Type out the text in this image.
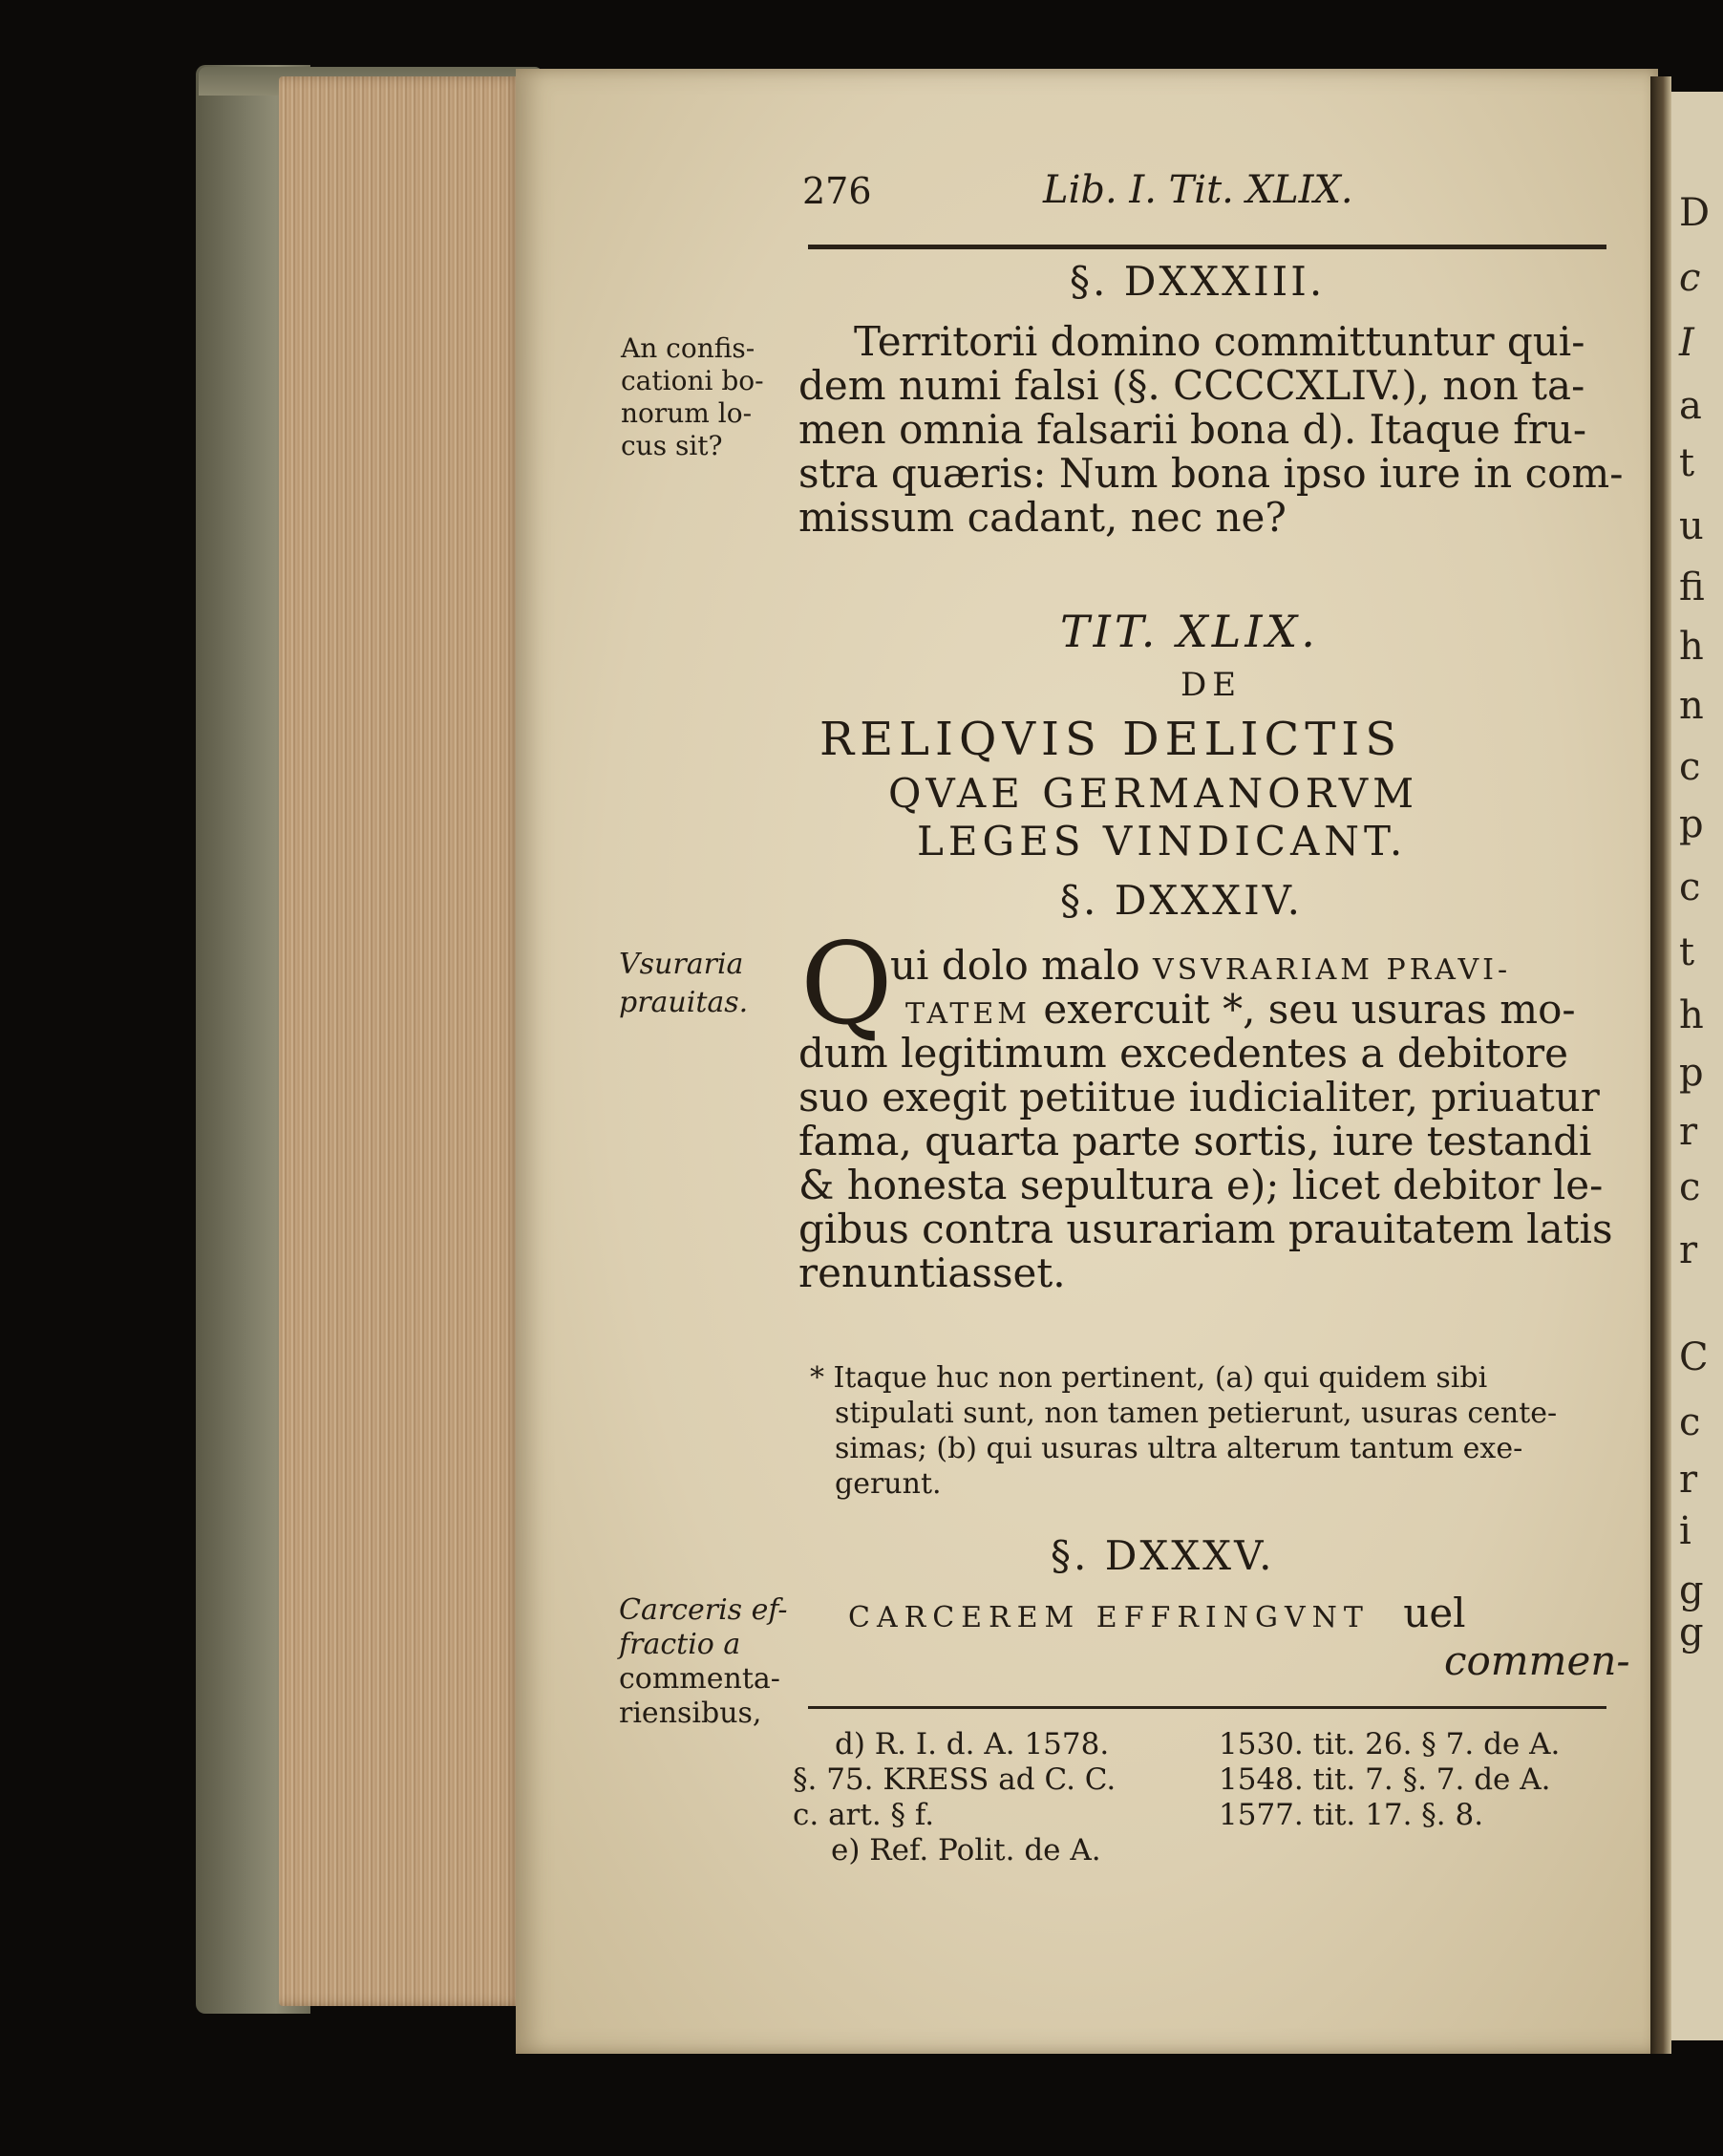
D
c
I
a
t
u
fi
h
n
c
p
c
t
h
p
r
c
r
C
c
r
i
g
g
276	Lib. I. Tit. XLIX.
§. DXXXIII.
An confis-
cationi bo-
norum lo-
cus sit?
Territorii domino committuntur qui-
dem numi falsi (§. CCCCXLIV.), non ta-
men omnia falsarii bona d). Itaque fru-
stra quæris: Num bona ipso iure in com-
missum cadant, nec ne?
TIT. XLIX.
DE
RELIQVIS DELICTIS
QVAE GERMANORVM
LEGES VINDICANT.
§. DXXXIV.
Vsuraria
prauitas. Q
ui dolo malo VSVRARIAM PRAVI-
TATEM exercuit *, seu usuras mo-
dum legitimum excedentes a debitore
suo exegit petiitue iudicialiter, priuatur
fama, quarta parte sortis, iure testandi
& honesta sepultura e); licet debitor le-
gibus contra usurariam prauitatem latis
renuntiasset.
* Itaque huc non pertinent, (a) qui quidem sibi
stipulati sunt, non tamen petierunt, usuras cente-
simas; (b) qui usuras ultra alterum tantum exe-
gerunt.
§. DXXXV.
Carceris ef-
fractio a
commenta-
riensibus,
CARCEREM EFFRINGVNT uel
commen-
d) R. I. d. A. 1578.
§. 75. KRESS ad C. C.
c. art. § f.
e) Ref. Polit. de A.
1530. tit. 26. § 7. de A.
1548. tit. 7. §. 7. de A.
1577. tit. 17. §. 8.
